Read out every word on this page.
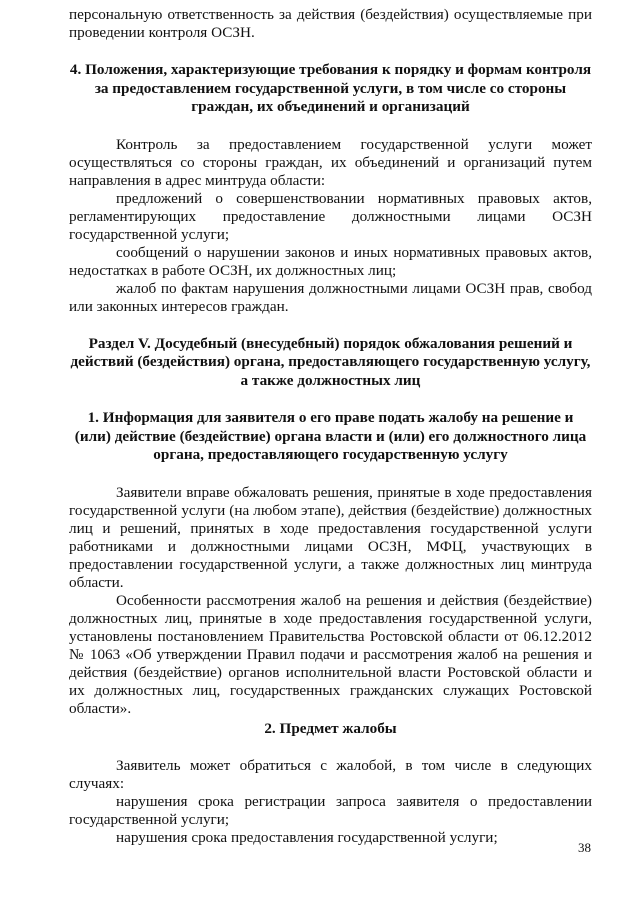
персональную ответственность за действия (бездействия) осуществляемые при проведении контроля ОСЗН.

4. Положения, характеризующие требования к порядку и формам контроля за предоставлением государственной услуги, в том числе со стороны граждан, их объединений и организаций

Контроль за предоставлением государственной услуги может осуществляться со стороны граждан, их объединений и организаций путем направления в адрес минтруда области:

предложений о совершенствовании нормативных правовых актов, регламентирующих предоставление должностными лицами ОСЗН государственной услуги;

сообщений о нарушении законов и иных нормативных правовых актов, недостатках в работе ОСЗН, их должностных лиц;

жалоб по фактам нарушения должностными лицами ОСЗН прав, свобод или законных интересов граждан.

Раздел V. Досудебный (внесудебный) порядок обжалования решений и действий (бездействия) органа, предоставляющего государственную услугу, а также должностных лиц

1. Информация для заявителя о его праве подать жалобу на решение и (или) действие (бездействие) органа власти и (или) его должностного лица органа, предоставляющего государственную услугу

Заявители вправе обжаловать решения, принятые в ходе предоставления государственной услуги (на любом этапе), действия (бездействие) должностных лиц и решений, принятых в ходе предоставления государственной услуги работниками и должностными лицами ОСЗН, МФЦ, участвующих в предоставлении государственной услуги, а также должностных лиц минтруда области.

Особенности рассмотрения жалоб на решения и действия (бездействие) должностных лиц, принятые в ходе предоставления государственной услуги, установлены постановлением Правительства Ростовской области от 06.12.2012 № 1063 «Об утверждении Правил подачи и рассмотрения жалоб на решения и действия (бездействие) органов исполнительной власти Ростовской области и их должностных лиц, государственных гражданских служащих Ростовской области».

2. Предмет жалобы

Заявитель может обратиться с жалобой, в том числе в следующих случаях:

нарушения срока регистрации запроса заявителя о предоставлении государственной услуги;

нарушения срока предоставления государственной услуги;

38
